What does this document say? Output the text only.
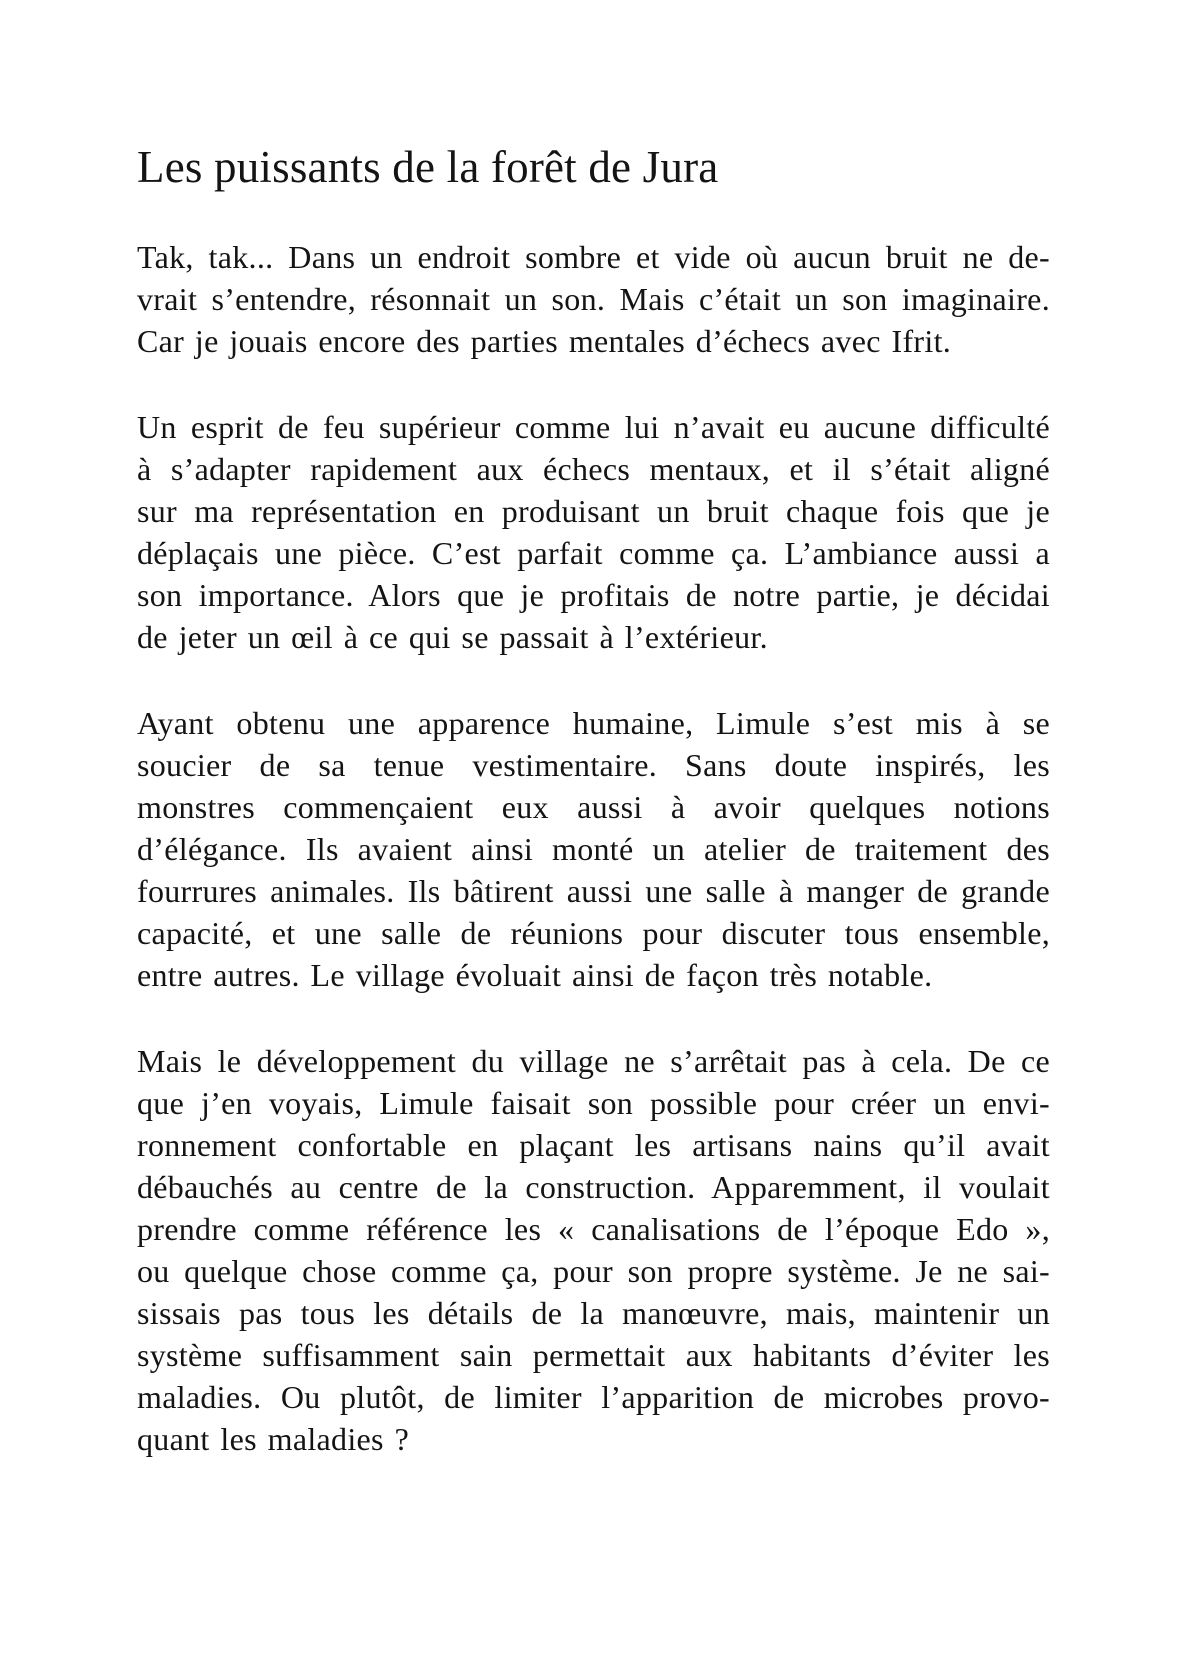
Les puissants de la forêt de Jura

Tak, tak... Dans un endroit sombre et vide où aucun bruit ne de-
vrait s’entendre, résonnait un son. Mais c’était un son imaginaire.
Car je jouais encore des parties mentales d’échecs avec Ifrit.

Un esprit de feu supérieur comme lui n’avait eu aucune difficulté
à s’adapter rapidement aux échecs mentaux, et il s’était aligné
sur ma représentation en produisant un bruit chaque fois que je
déplaçais une pièce. C’est parfait comme ça. L’ambiance aussi a
son importance. Alors que je profitais de notre partie, je décidai
de jeter un œil à ce qui se passait à l’extérieur.

Ayant obtenu une apparence humaine, Limule s’est mis à se
soucier de sa tenue vestimentaire. Sans doute inspirés, les
monstres commençaient eux aussi à avoir quelques notions
d’élégance. Ils avaient ainsi monté un atelier de traitement des
fourrures animales. Ils bâtirent aussi une salle à manger de grande
capacité, et une salle de réunions pour discuter tous ensemble,
entre autres. Le village évoluait ainsi de façon très notable.

Mais le développement du village ne s’arrêtait pas à cela. De ce
que j’en voyais, Limule faisait son possible pour créer un envi-
ronnement confortable en plaçant les artisans nains qu’il avait
débauchés au centre de la construction. Apparemment, il voulait
prendre comme référence les « canalisations de l’époque Edo »,
ou quelque chose comme ça, pour son propre système. Je ne sai-
sissais pas tous les détails de la manœuvre, mais, maintenir un
système suffisamment sain permettait aux habitants d’éviter les
maladies. Ou plutôt, de limiter l’apparition de microbes provo-
quant les maladies ?
